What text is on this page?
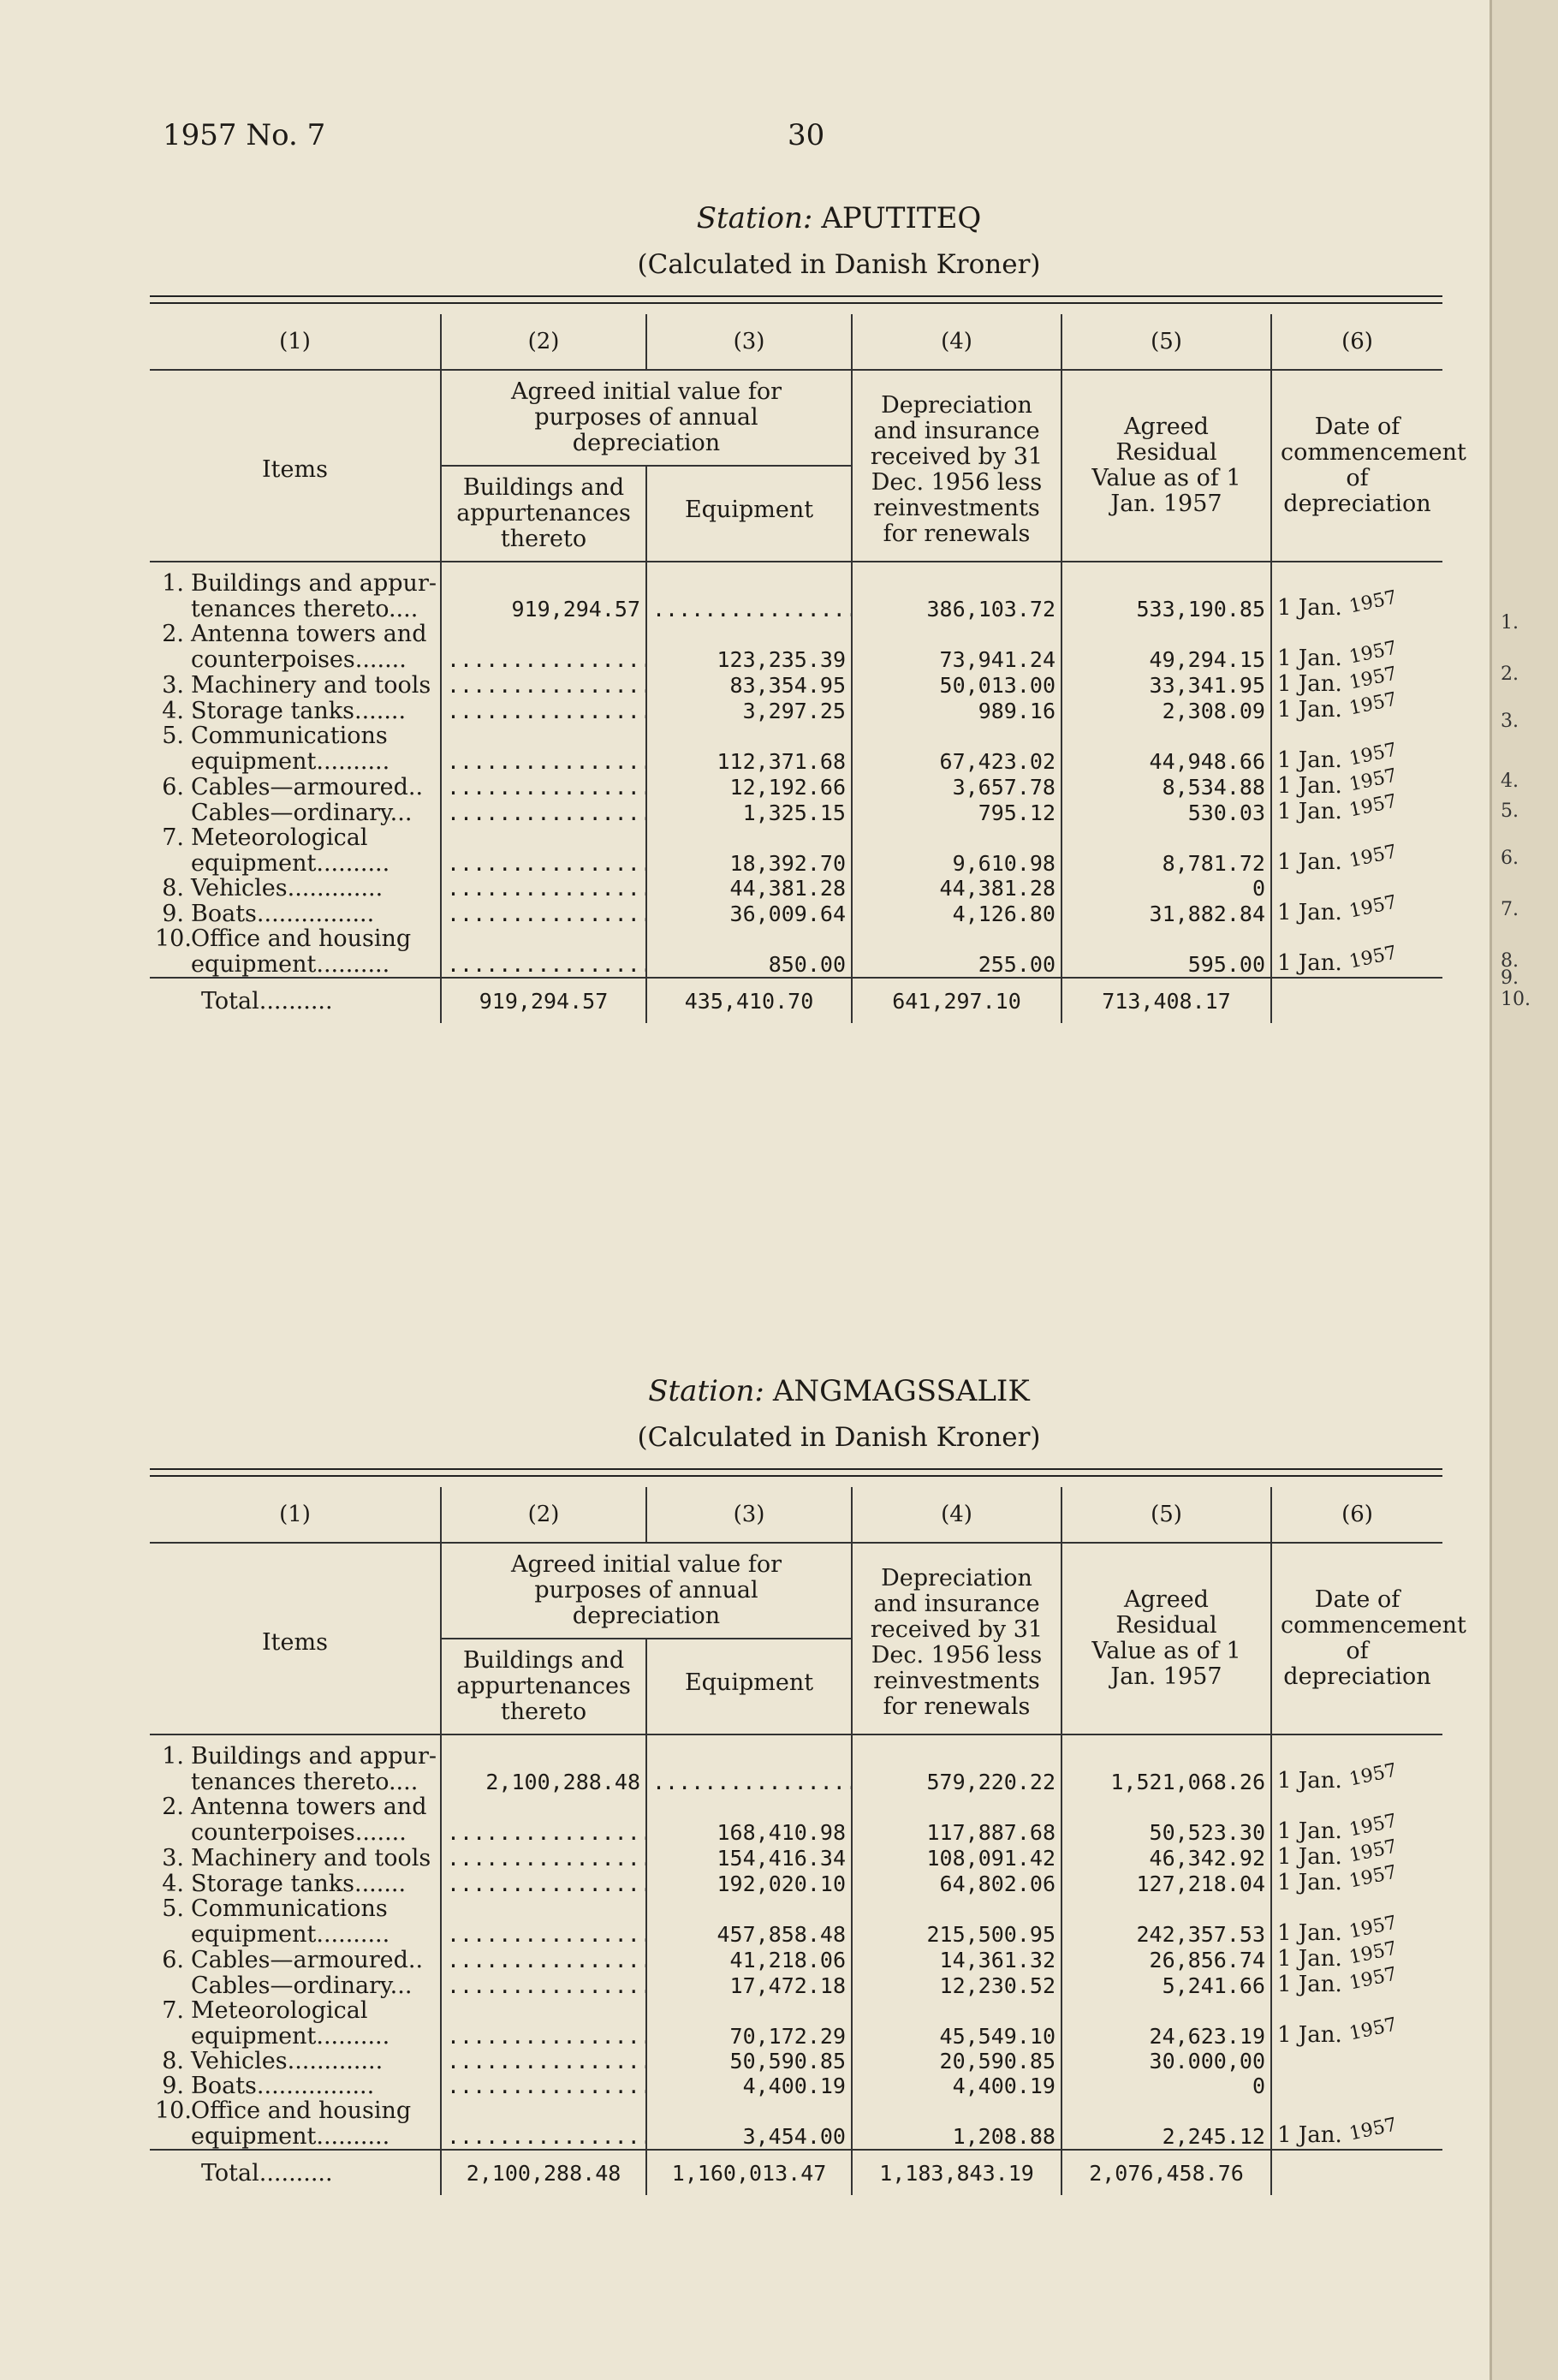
1957 No. 7	30
Station: APUTITEQ
(Calculated in Danish Kroner)
(1)	(2)	(3)	(4)	(5)	(6)
Items	Agreed initial value for purposes of annual depreciation		Depreciation and insurance received by 31 Dec. 1956 less reinvestments for renewals	Agreed Residual Value as of 1 Jan. 1957	Date of commencement of depreciation
	Buildings and appurtenances thereto	Equipment			

1. Buildings and appur-					
tenances thereto....	919,294.57	.....	386,103.72	533,190.85	1 Jan. 1957
2. Antenna towers and					
counterpoises.......	.....	123,235.39	73,941.24	49,294.15	1 Jan. 1957
3. Machinery and tools	.....	83,354.95	50,013.00	33,341.95	1 Jan. 1957
4. Storage tanks.......	.....	3,297.25	989.16	2,308.09	1 Jan. 1957
5. Communications					
equipment..........	.....	112,371.68	67,423.02	44,948.66	1 Jan. 1957
6. Cables—armoured..	.....	12,192.66	3,657.78	8,534.88	1 Jan. 1957
Cables—ordinary...	.....	1,325.15	795.12	530.03	1 Jan. 1957
7. Meteorological					
equipment..........	.....	18,392.70	9,610.98	8,781.72	1 Jan. 1957
8. Vehicles.............	.....	44,381.28	44,381.28	0	
9. Boats................	.....	36,009.64	4,126.80	31,882.84	1 Jan. 1957
10.Office and housing					
equipment..........	.....	850.00	255.00	595.00	1 Jan. 1957
Total..........	919,294.57	435,410.70	641,297.10	713,408.17	
Station: ANGMAGSSALIK
(Calculated in Danish Kroner)
(1)	(2)	(3)	(4)	(5)	(6)
Items	Agreed initial value for purposes of annual depreciation		Depreciation and insurance received by 31 Dec. 1956 less reinvestments for renewals	Agreed Residual Value as of 1 Jan. 1957	Date of commencement of depreciation
	Buildings and appurtenances thereto	Equipment			

1. Buildings and appur-					
tenances thereto....	2,100,288.48	.....	579,220.22	1,521,068.26	1 Jan. 1957
2. Antenna towers and					
counterpoises.......	.....	168,410.98	117,887.68	50,523.30	1 Jan. 1957
3. Machinery and tools	.....	154,416.34	108,091.42	46,342.92	1 Jan. 1957
4. Storage tanks.......	.....	192,020.10	64,802.06	127,218.04	1 Jan. 1957
5. Communications					
equipment..........	.....	457,858.48	215,500.95	242,357.53	1 Jan. 1957
6. Cables—armoured..	.....	41,218.06	14,361.32	26,856.74	1 Jan. 1957
Cables—ordinary...	.....	17,472.18	12,230.52	5,241.66	1 Jan. 1957
7. Meteorological					
equipment..........	.....	70,172.29	45,549.10	24,623.19	1 Jan. 1957
8. Vehicles.............	.....	50,590.85	20,590.85	30.000,00	
9. Boats................	.....	4,400.19	4,400.19	0	
10.Office and housing					
equipment..........	.....	3,454.00	1,208.88	2,245.12	1 Jan. 1957
Total..........	2,100,288.48	1,160,013.47	1,183,843.19	2,076,458.76	
1.
2.
3.
4.
5.
6.
7.
8.
9.
10.
